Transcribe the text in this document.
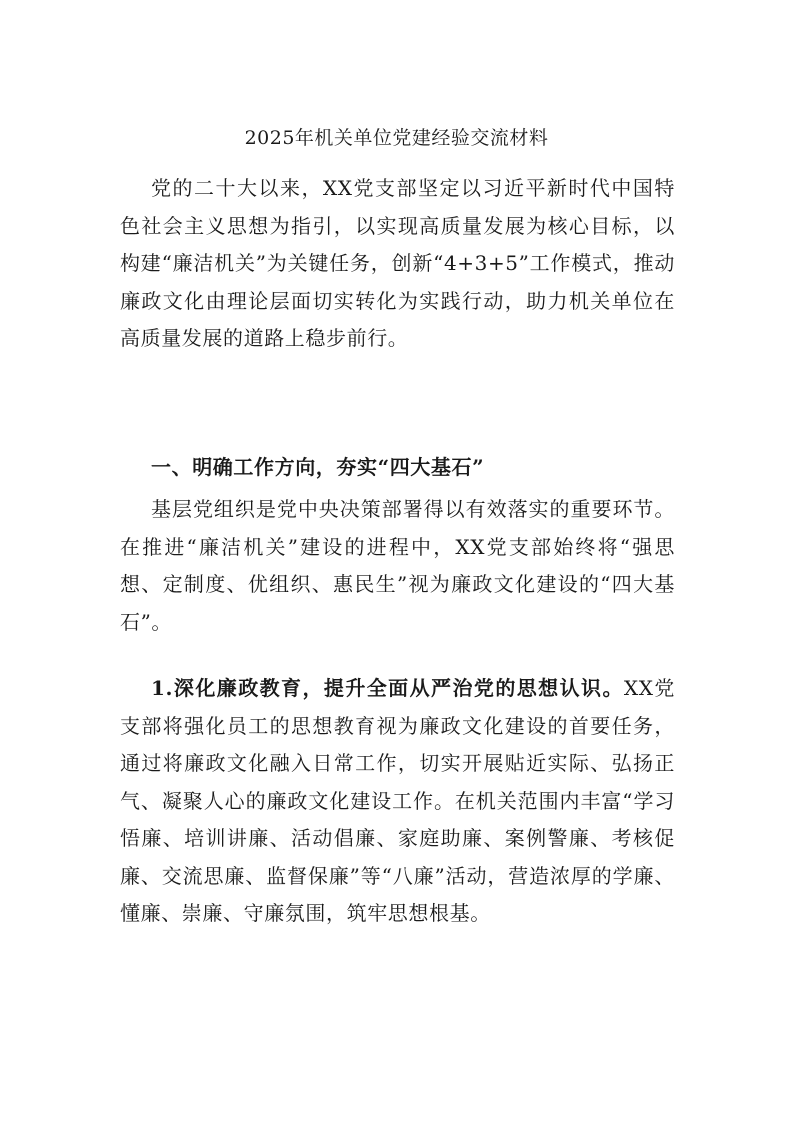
2025年机关单位党建经验交流材料

党的二十大以来，XX党支部坚定以习近平新时代中国特色社会主义思想为指引，以实现高质量发展为核心目标，以构建“廉洁机关”为关键任务，创新“4+3+5”工作模式，推动廉政文化由理论层面切实转化为实践行动，助力机关单位在高质量发展的道路上稳步前行。

一、明确工作方向，夯实“四大基石”

基层党组织是党中央决策部署得以有效落实的重要环节。在推进“廉洁机关”建设的进程中，XX党支部始终将“强思想、定制度、优组织、惠民生”视为廉政文化建设的“四大基石”。

1.深化廉政教育，提升全面从严治党的思想认识。XX党支部将强化员工的思想教育视为廉政文化建设的首要任务，通过将廉政文化融入日常工作，切实开展贴近实际、弘扬正气、凝聚人心的廉政文化建设工作。在机关范围内丰富“学习悟廉、培训讲廉、活动倡廉、家庭助廉、案例警廉、考核促廉、交流思廉、监督保廉”等“八廉”活动，营造浓厚的学廉、懂廉、崇廉、守廉氛围，筑牢思想根基。
